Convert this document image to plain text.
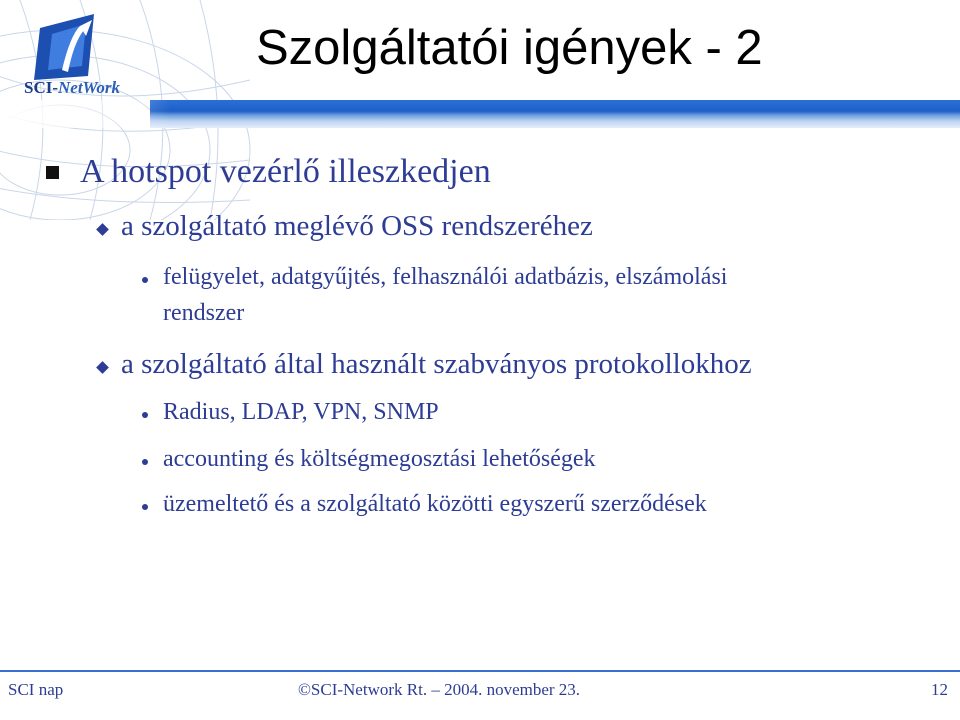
SCI-NetWork
Szolgáltatói igények - 2
A hotspot vezérlő illeszkedjen
a szolgáltató meglévő OSS rendszeréhez
felügyelet, adatgyűjtés, felhasználói adatbázis, elszámolási
rendszer
a szolgáltató által használt szabványos protokollokhoz
Radius, LDAP, VPN, SNMP
accounting és költségmegosztási lehetőségek
üzemeltető és a szolgáltató közötti egyszerű szerződések
SCI nap	©SCI-Network Rt. – 2004. november 23.	12
